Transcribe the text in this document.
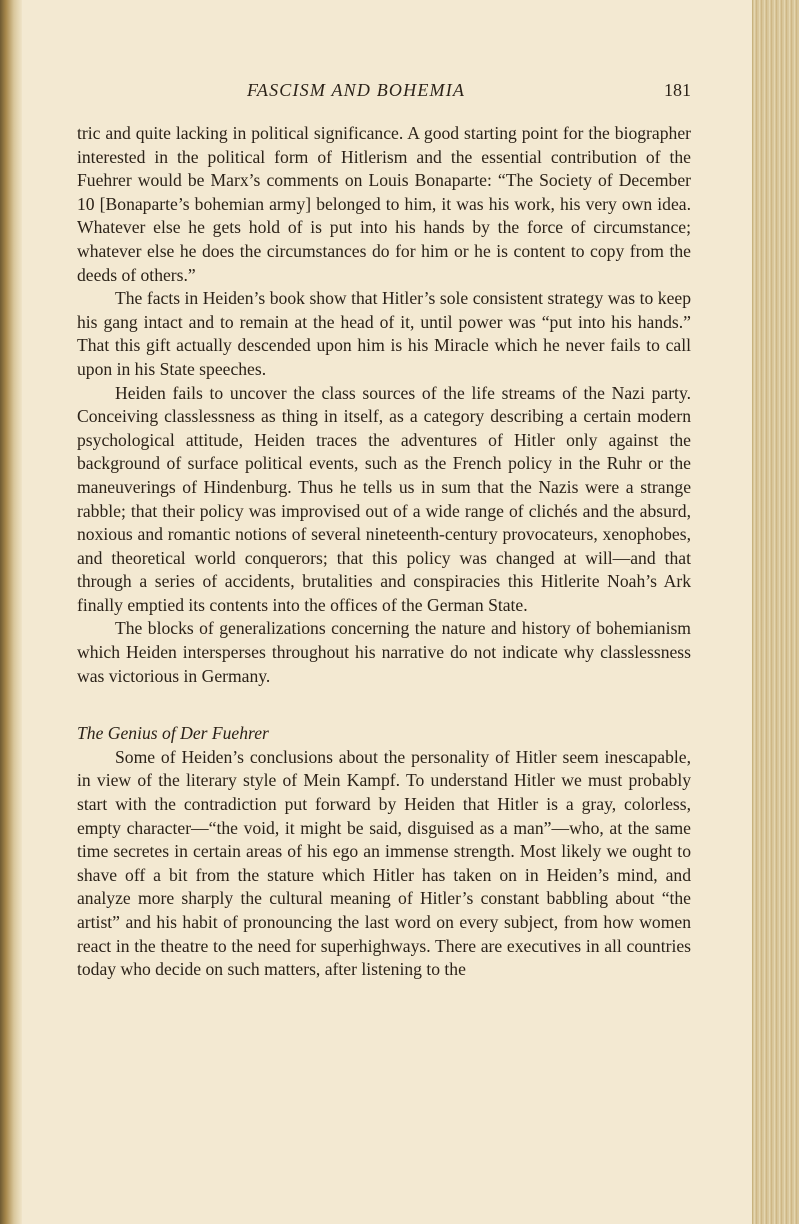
FASCISM AND BOHEMIA	181

tric and quite lacking in political significance. A good starting point for the biographer interested in the political form of Hitlerism and the essential contribution of the Fuehrer would be Marx’s comments on Louis Bonaparte: “The Society of December 10 [Bonaparte’s bohemian army] belonged to him, it was his work, his very own idea. Whatever else he gets hold of is put into his hands by the force of circumstance; whatever else he does the circumstances do for him or he is content to copy from the deeds of others.”

The facts in Heiden’s book show that Hitler’s sole consistent strategy was to keep his gang intact and to remain at the head of it, until power was “put into his hands.” That this gift actually descended upon him is his Miracle which he never fails to call upon in his State speeches.

Heiden fails to uncover the class sources of the life streams of the Nazi party. Conceiving classlessness as thing in itself, as a category describing a certain modern psychological attitude, Heiden traces the adventures of Hitler only against the background of surface political events, such as the French policy in the Ruhr or the maneuverings of Hindenburg. Thus he tells us in sum that the Nazis were a strange rabble; that their policy was improvised out of a wide range of clichés and the absurd, noxious and romantic notions of several nineteenth-century provocateurs, xenophobes, and theoretical world conquerors; that this policy was changed at will—and that through a series of accidents, brutalities and conspiracies this Hitlerite Noah’s Ark finally emptied its contents into the offices of the German State.

The blocks of generalizations concerning the nature and history of bohemianism which Heiden intersperses throughout his narrative do not indicate why classlessness was victorious in Germany.

The Genius of Der Fuehrer

Some of Heiden’s conclusions about the personality of Hitler seem inescapable, in view of the literary style of Mein Kampf. To understand Hitler we must probably start with the contradiction put forward by Heiden that Hitler is a gray, colorless, empty character—“the void, it might be said, disguised as a man”—who, at the same time secretes in certain areas of his ego an immense strength. Most likely we ought to shave off a bit from the stature which Hitler has taken on in Heiden’s mind, and analyze more sharply the cultural meaning of Hitler’s constant babbling about “the artist” and his habit of pronouncing the last word on every subject, from how women react in the theatre to the need for superhighways. There are executives in all countries today who decide on such matters, after listening to the
